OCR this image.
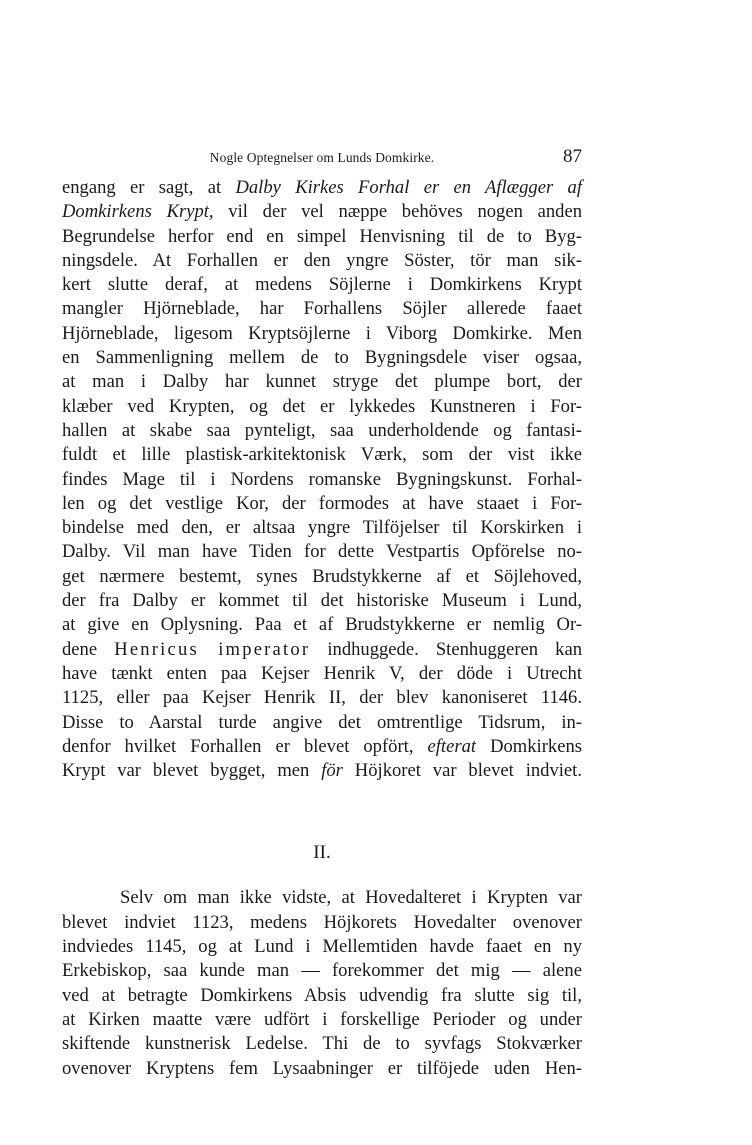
Nogle Optegnelser om Lunds Domkirke.	87
engang er sagt, at Dalby Kirkes Forhal er en Aflægger af
Domkirkens Krypt, vil der vel næppe behöves nogen anden
Begrundelse herfor end en simpel Henvisning til de to Byg-
ningsdele. At Forhallen er den yngre Söster, tör man sik-
kert slutte deraf, at medens Söjlerne i Domkirkens Krypt
mangler Hjörneblade, har Forhallens Söjler allerede faaet
Hjörneblade, ligesom Kryptsöjlerne i Viborg Domkirke. Men
en Sammenligning mellem de to Bygningsdele viser ogsaa,
at man i Dalby har kunnet stryge det plumpe bort, der
klæber ved Krypten, og det er lykkedes Kunstneren i For-
hallen at skabe saa pynteligt, saa underholdende og fantasi-
fuldt et lille plastisk-arkitektonisk Værk, som der vist ikke
findes Mage til i Nordens romanske Bygningskunst. Forhal-
len og det vestlige Kor, der formodes at have staaet i For-
bindelse med den, er altsaa yngre Tilföjelser til Korskirken i
Dalby. Vil man have Tiden for dette Vestpartis Opförelse no-
get nærmere bestemt, synes Brudstykkerne af et Söjlehoved,
der fra Dalby er kommet til det historiske Museum i Lund,
at give en Oplysning. Paa et af Brudstykkerne er nemlig Or-
dene Henricus imperator indhuggede. Stenhuggeren kan
have tænkt enten paa Kejser Henrik V, der döde i Utrecht
1125, eller paa Kejser Henrik II, der blev kanoniseret 1146.
Disse to Aarstal turde angive det omtrentlige Tidsrum, in-
denfor hvilket Forhallen er blevet opfört, efterat Domkirkens
Krypt var blevet bygget, men för Höjkoret var blevet indviet.
II.
Selv om man ikke vidste, at Hovedalteret i Krypten var
blevet indviet 1123, medens Höjkorets Hovedalter ovenover
indviedes 1145, og at Lund i Mellemtiden havde faaet en ny
Erkebiskop, saa kunde man — forekommer det mig — alene
ved at betragte Domkirkens Absis udvendig fra slutte sig til,
at Kirken maatte være udfört i forskellige Perioder og under
skiftende kunstnerisk Ledelse. Thi de to syvfags Stokværker
ovenover Kryptens fem Lysaabninger er tilföjede uden Hen-
